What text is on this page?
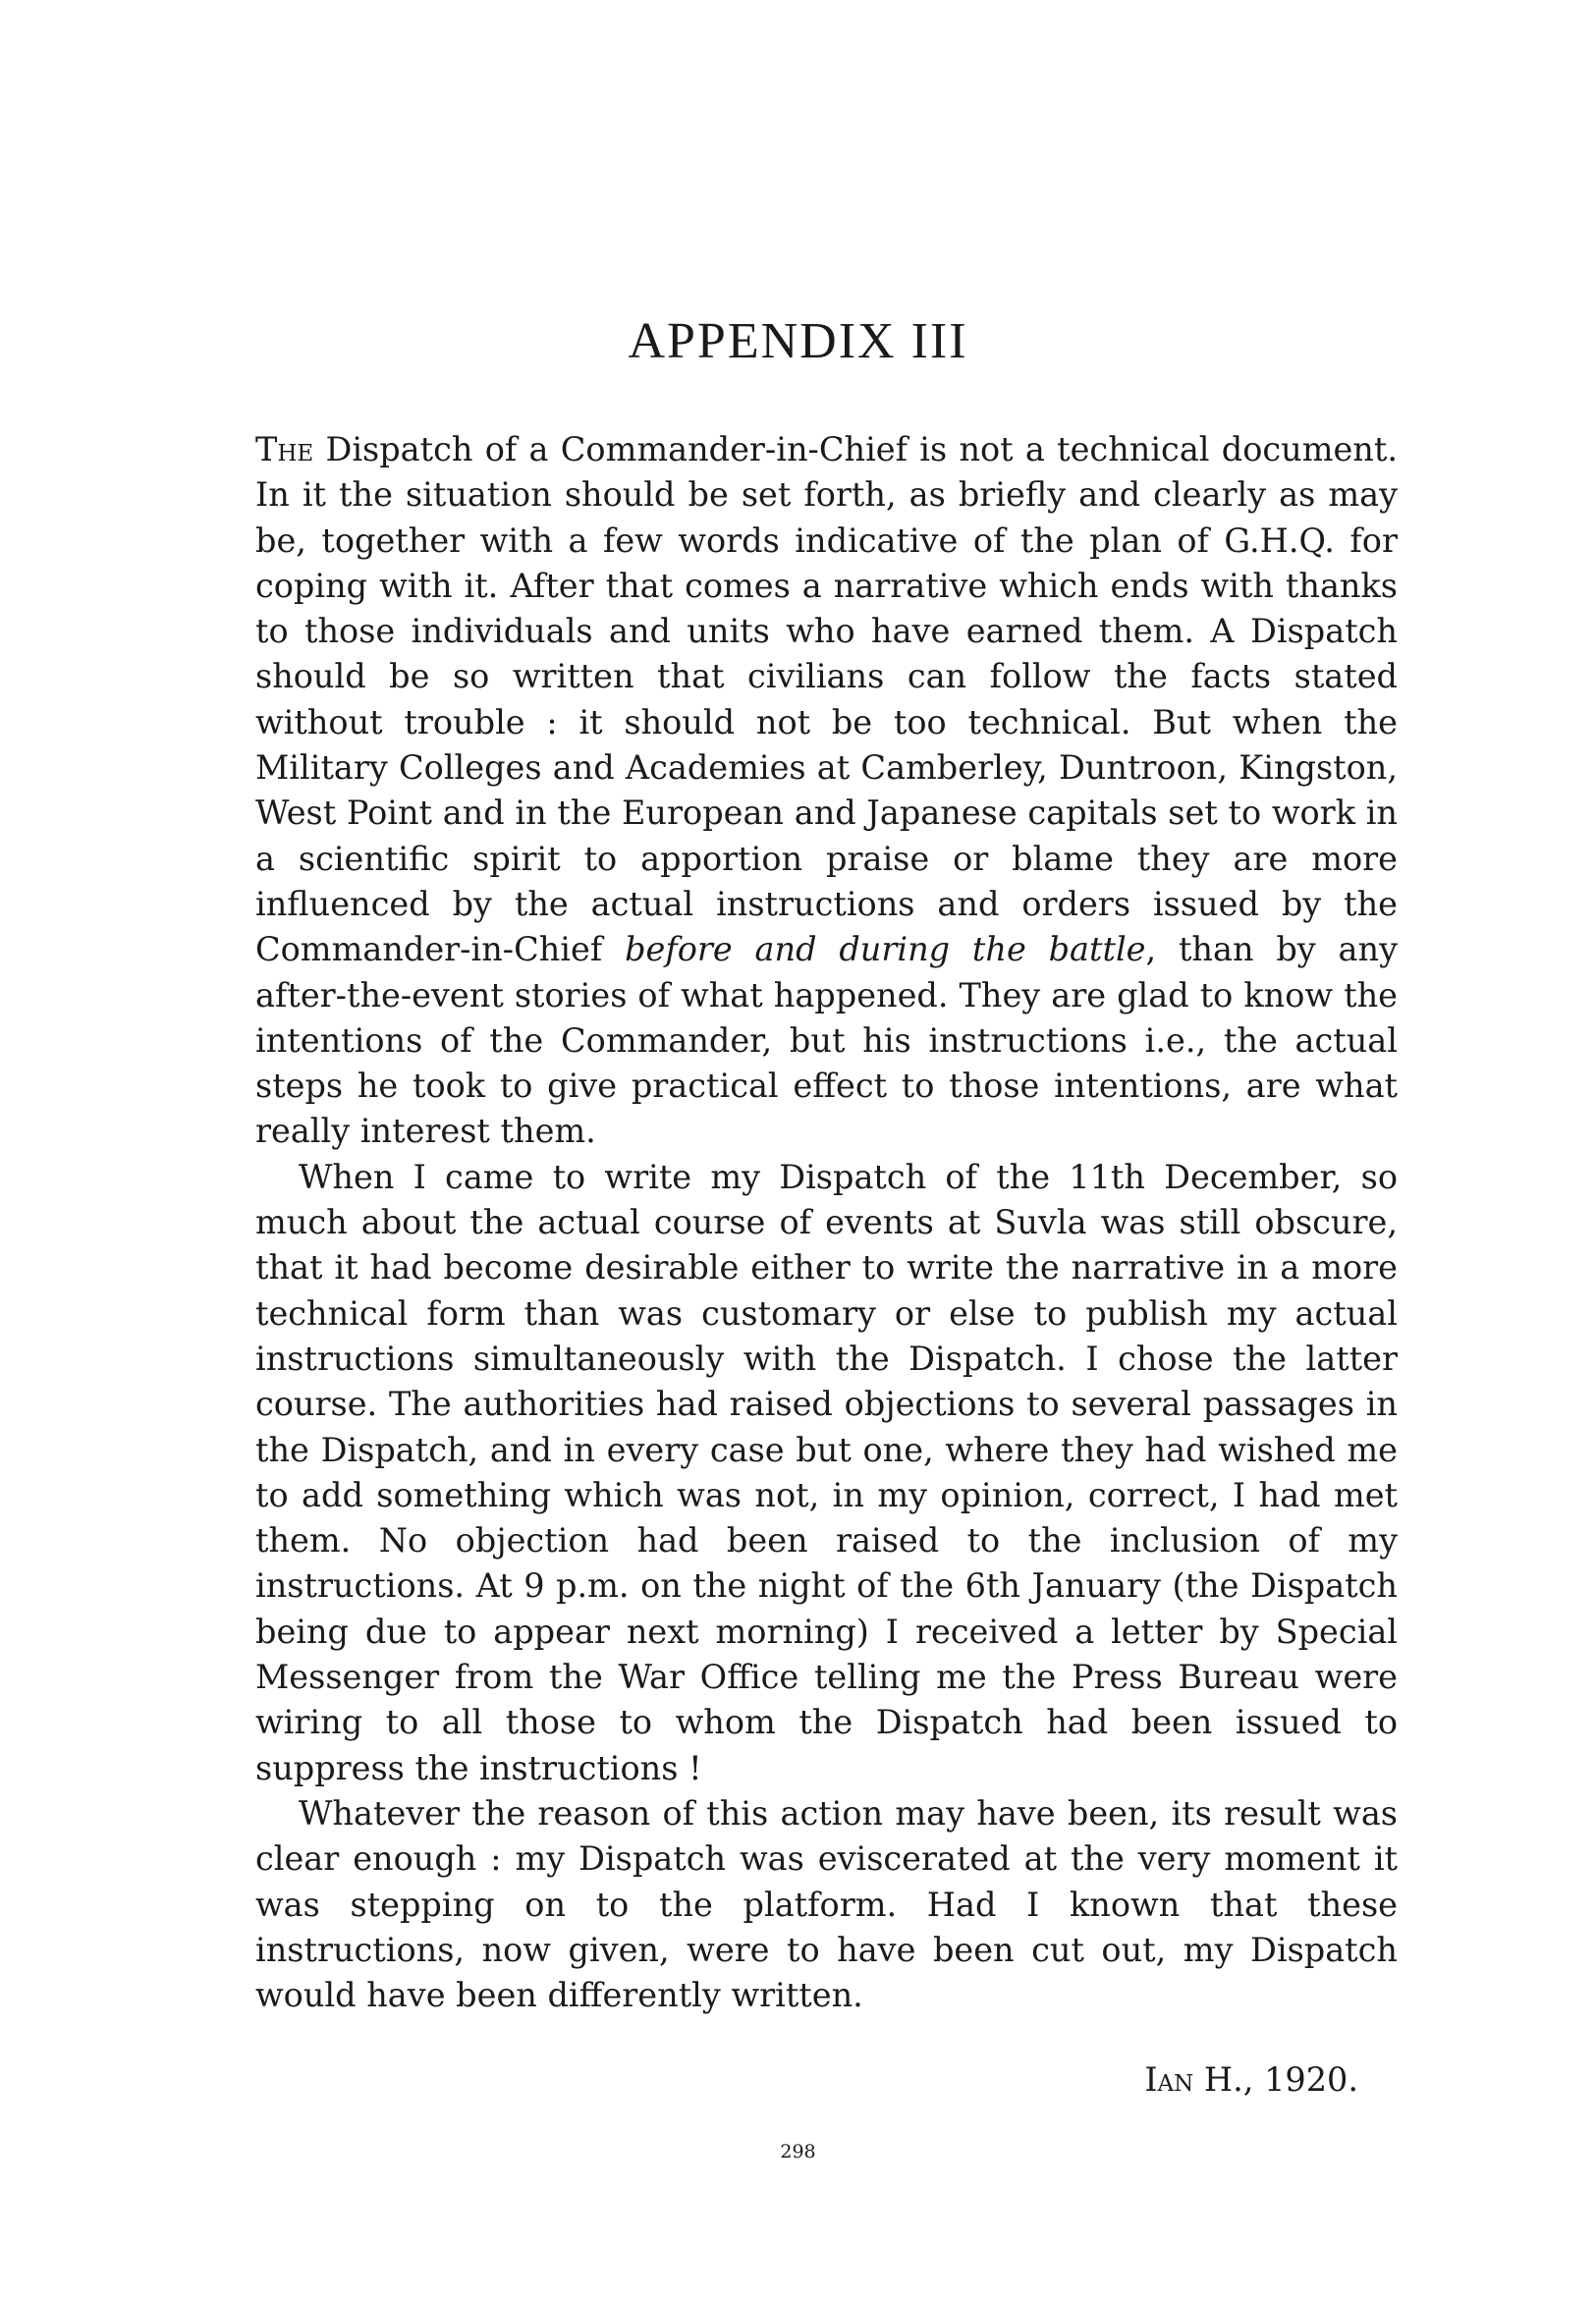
APPENDIX III

The Dispatch of a Commander-in-Chief is not a technical document. In it the situation should be set forth, as briefly and clearly as may be, together with a few words indicative of the plan of G.H.Q. for coping with it. After that comes a narrative which ends with thanks to those individuals and units who have earned them. A Dispatch should be so written that civilians can follow the facts stated without trouble : it should not be too technical. But when the Military Colleges and Academies at Camberley, Duntroon, Kingston, West Point and in the European and Japanese capitals set to work in a scientific spirit to apportion praise or blame they are more influenced by the actual instructions and orders issued by the Commander-in-Chief before and during the battle, than by any after-the-event stories of what happened. They are glad to know the intentions of the Commander, but his instructions i.e., the actual steps he took to give practical effect to those intentions, are what really interest them.

When I came to write my Dispatch of the 11th December, so much about the actual course of events at Suvla was still obscure, that it had become desirable either to write the narrative in a more technical form than was customary or else to publish my actual instructions simultaneously with the Dispatch. I chose the latter course. The authorities had raised objections to several passages in the Dispatch, and in every case but one, where they had wished me to add something which was not, in my opinion, correct, I had met them. No objection had been raised to the inclusion of my instructions. At 9 p.m. on the night of the 6th January (the Dispatch being due to appear next morning) I received a letter by Special Messenger from the War Office telling me the Press Bureau were wiring to all those to whom the Dispatch had been issued to suppress the instructions !

Whatever the reason of this action may have been, its result was clear enough : my Dispatch was eviscerated at the very moment it was stepping on to the platform. Had I known that these instructions, now given, were to have been cut out, my Dispatch would have been differently written.

Ian H., 1920.
298
